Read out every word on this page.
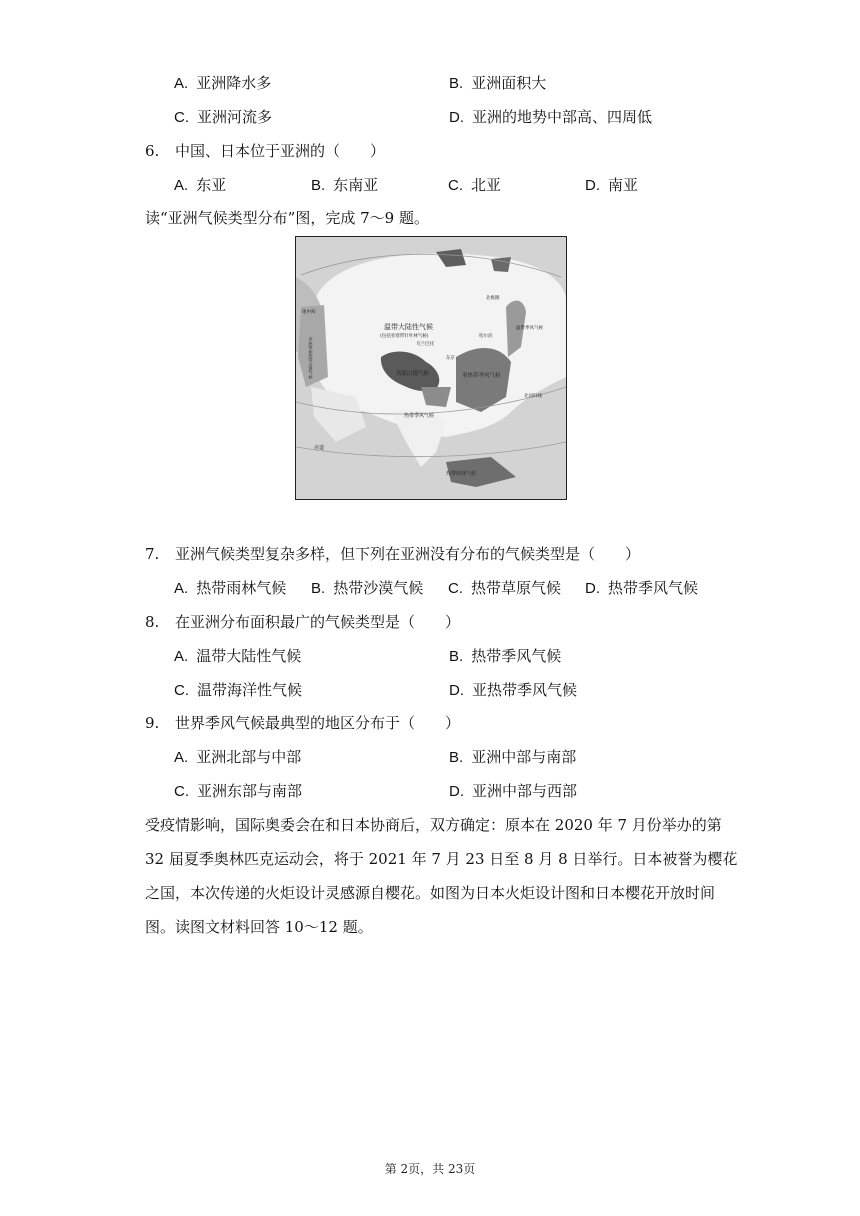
A. 亚洲降水多	B. 亚洲面积大
C. 亚洲河流多	D. 亚洲的地势中部高、四周低
6. 中国、日本位于亚洲的（　　）
A. 东亚	B. 东南亚	C. 北亚	D. 南亚
读“亚洲气候类型分布”图，完成 7～9 题。
温带大陆性气候
(包括亚寒带针叶林气候)
乌兰巴托
地中海
亚热带和热带沙漠气候	高原山地气候	亚热带季风气候
热带季风气候
热带雨林气候
赤道
北回归线
北极圈
温带季风气候
东京
哈尔滨
7. 亚洲气候类型复杂多样，但下列在亚洲没有分布的气候类型是（　　）
A. 热带雨林气候	B. 热带沙漠气候	C. 热带草原气候	D. 热带季风气候
8. 在亚洲分布面积最广的气候类型是（　　）
A. 温带大陆性气候	B. 热带季风气候
C. 温带海洋性气候	D. 亚热带季风气候
9. 世界季风气候最典型的地区分布于（　　）
A. 亚洲北部与中部	B. 亚洲中部与南部
C. 亚洲东部与南部	D. 亚洲中部与西部
受疫情影响，国际奥委会在和日本协商后，双方确定：原本在 2020 年 7 月份举办的第
32 届夏季奥林匹克运动会，将于 2021 年 7 月 23 日至 8 月 8 日举行。日本被誉为樱花
之国，本次传递的火炬设计灵感源自樱花。如图为日本火炬设计图和日本樱花开放时间
图。读图文材料回答 10～12 题。
第 2页，共 23页
